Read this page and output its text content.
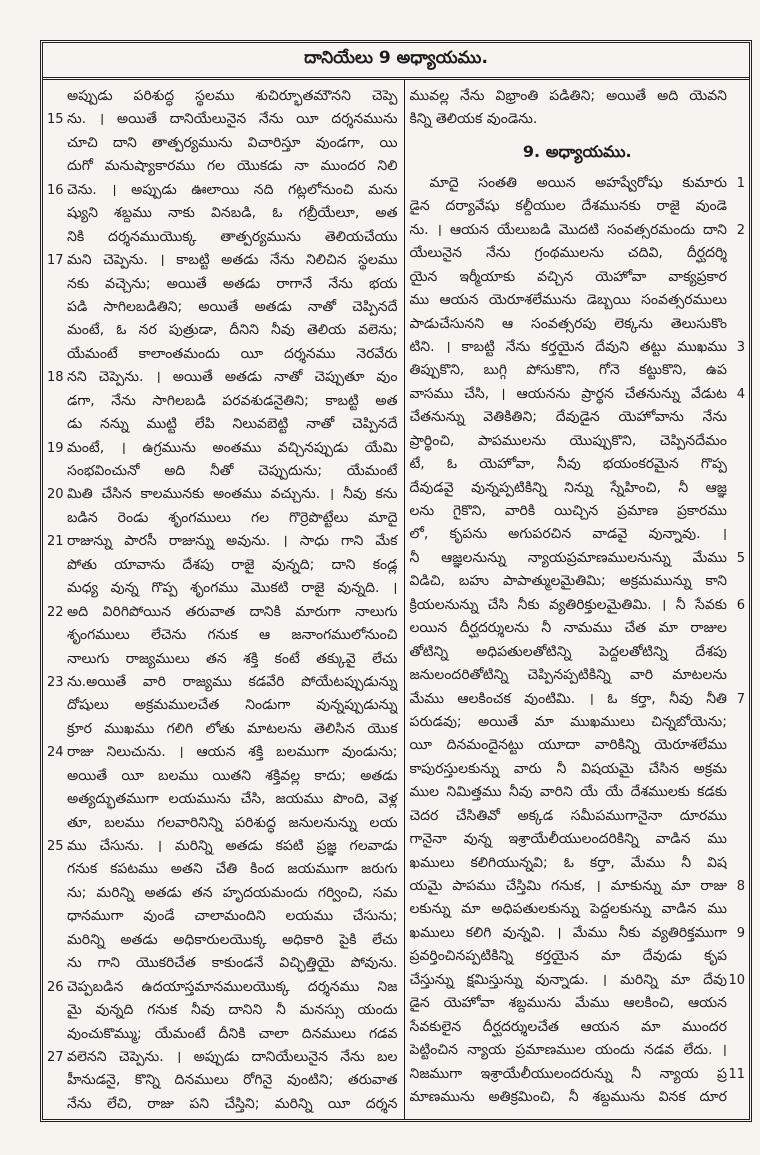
దానియేలు 9 అధ్యాయము.
అప్పుడు పరిశుద్ధ స్థలము శుచిర్భూతమౌనని చెప్పె
15 ను. । అయితే దానియేలునైన నేను యీ దర్శనమును
చూచి దాని తాత్పర్యమును విచారిస్తూ వుండగా, యి
దుగో మనుష్యాకారము గల యొకడు నా ముందర నిలి
16 చెను. । అప్పుడు ఊలాయి నది గట్లలోనుంచి మను
ష్యుని శబ్దము నాకు వినబడి, ఓ గబ్రీయేలూ, అత
నికి దర్శనముయొక్క తాత్పర్యమును తెలియచేయు
17 మని చెప్పెను. । కాబట్టి అతడు నేను నిలిచిన స్థలము
నకు వచ్చెను; అయితే అతడు రాగానే నేను భయ
పడి సాగిలబడితిని; అయితే అతడు నాతో చెప్పినదే
మంటే, ఓ నర పుత్రుడా, దీనిని నీవు తెలియ వలెను;
యేమంటే కాలాంతమందు యీ దర్శనము నెరవేరు
18 నని చెప్పెను. । అయితే అతడు నాతో చెప్పుతూ వుం
డగా, నేను సాగిలబడి పరవశుడనైతిని; కాబట్టి అత
డు నన్ను ముట్టి లేపి నిలువబెట్టి నాతో చెప్పినదే
19 మంటే, । ఉగ్రమును అంతము వచ్చినప్పుడు యేమి
సంభవించునో అది నీతో చెప్పుదును; యేమంటే
20 మితి చేసిన కాలమునకు అంతము వచ్చును. । నీవు కను
బడిన రెండు శృంగములు గల గొర్రెపొట్టేలు మాదై
21 రాజున్ను పారసీ రాజున్ను అవును. । సాధు గాని మేక
పోతు యావాను దేశపు రాజై వున్నది; దాని కండ్ల
మధ్య వున్న గొప్ప శృంగము మొకటి రాజై వున్నది. ।
22 అది విరిగిపోయిన తరువాత దానికి మారుగా నాలుగు
శృంగములు లేచెను గనుక ఆ జనాంగములోనుంచి
నాలుగు రాజ్యములు తన శక్తి కంటే తక్కువై లేచు
23 ను.అయితే వారి రాజ్యము కడవేరి పోయేటప్పుడున్ను
దోషులు అక్రమములచేత నిండుగా వున్నప్పుడున్ను
క్రూర ముఖము గలిగి లోతు మాటలను తెలిసిన యొక
24 రాజు నిలుచును. । ఆయన శక్తి బలముగా వుండును;
అయితే యీ బలము యితని శక్తివల్ల కాదు; అతడు
అత్యద్భుతముగా లయమును చేసి, జయము పొంది, వెళ్ల
తూ, బలము గలవారినిన్ని పరిశుద్ధ జనులనున్ను లయ
25 ము చేసును. । మరిన్ని అతడు కపటి ప్రజ్ఞ గలవాడు
గనుక కపటము అతని చేతి కింద జయముగా జరుగు
ను; మరిన్ని అతడు తన హృదయమందు గర్వించి, సమ
ధానముగా వుండే చాలామందిని లయము చేసును;
మరిన్ని అతడు అధికారులయొక్క అధికారి పైకి లేచు
ను గాని యొకరిచేత కాకుండనే విచ్ఛిత్తియై పోవును.
26 చెప్పబడిన ఉదయాస్తమానములయొక్క దర్శనము నిజ
మై వున్నది గనుక నీవు దానిని నీ మనస్సు యందు
వుంచుకొమ్ము; యేమంటే దీనికి చాలా దినములు గడవ
27 వలెనని చెప్పెను. । అప్పుడు దానియేలునైన నేను బల
హీనుడనై, కొన్ని దినములు రోగినై వుంటిని; తరువాత
నేను లేచి, రాజు పని చేస్తిని; మరిన్ని యీ దర్శన
మువల్ల నేను విభ్రాంతి పడితిని; అయితే అది యెవని
కిన్ని తెలియక వుండెను.
9. అధ్యాయము.
మాదై సంతతి అయిన అహష్వేరోషు కుమారు 1
డైన దర్యావేషు కల్దీయుల దేశమునకు రాజై వుండె
ను. । ఆయన యేలుబడి మొదటి సంవత్సరమందు దాని 2
యేలునైన నేను గ్రంథములను చదివి, దీర్ఘదర్శి
యైన ఇర్మీయాకు వచ్చిన యెహోవా వాక్యప్రకార
ము ఆయన యెరూశలేమును డెబ్బయి సంవత్సరములు
పాడుచేసునని ఆ సంవత్సరపు లెక్కను తెలుసుకొం
టిని. । కాబట్టి నేను కర్తయైన దేవుని తట్టు ముఖము 3
తిప్పుకొని, బుగ్గి పోసుకొని, గోనె కట్టుకొని, ఉప
వాసము చేసి, । ఆయనను ప్రార్థన చేతనున్ను వేడుట 4
చేతనున్ను వెతికితిని; దేవుడైన యెహోవాను నేను
ప్రార్థించి, పాపములను యొప్పుకొని, చెప్పినదేమం
టే, ఓ యెహోవా, నీవు భయంకరమైన గొప్ప
దేవుడవై వున్నప్పటికిన్ని నిన్ను స్నేహించి, నీ ఆజ్ఞ
లను గైకొని, వారికి యిచ్చిన ప్రమాణ ప్రకారము
లో, కృపను అగుపరచిన వాడవై వున్నావు. ।
నీ ఆజ్ఞలనున్ను న్యాయప్రమాణములనున్ను మేము 5
విడిచి, బహు పాపాత్ములమైతిమి; అక్రమమున్ను కాని
క్రియలనున్ను చేసి నీకు వ్యతిరిక్తులమైతిమి. । నీ సేవకు 6
లయిన దీర్ఘదర్శులను నీ నామము చేత మా రాజుల
తోటిన్ని అధిపతులతోటిన్ని పెద్దలతోటిన్ని దేశపు
జనులందరితోటిన్ని చెప్పినప్పటికిన్ని వారి మాటలను
మేము ఆలకించక వుంటిమి. । ఓ కర్తా, నీవు నీతి 7
పరుడవు; అయితే మా ముఖములు చిన్నబోయెను;
యీ దినమందైనట్టు యూదా వారికిన్ని యెరూశలేము
కాపురస్తులకున్ను వారు నీ విషయమై చేసిన అక్రమ
ముల నిమిత్తము నీవు వారిని యే యే దేశములకు కడకు
చెదర చేసితివో అక్కడ సమీపముగానైనా దూరము
గానైనా వున్న ఇశ్రాయేలీయులందరికిన్ని వాడిన ము
ఖములు కలిగియున్నవి; ఓ కర్తా, మేము నీ విష
యమై పాపము చేస్తిమి గనుక, । మాకున్ను మా రాజు 8
లకున్ను మా అధిపతులకున్ను పెద్దలకున్ను వాడిన ము
ఖములు కలిగి వున్నవి. । మేము నీకు వ్యతిరిక్తముగా 9
ప్రవర్తించినప్పటికిన్ని కర్తయైన మా దేవుడు కృప
చేస్తున్ను క్షమిస్తున్ను వున్నాడు. । మరిన్ని మా దేవు 10
డైన యెహోవా శబ్దమును మేము ఆలకించి, ఆయన
సేవకులైన దీర్ఘదర్శులచేత ఆయన మా ముందర
పెట్టించిన న్యాయ ప్రమాణముల యందు నడవ లేదు. ।
నిజముగా ఇశ్రాయేలీయులందరున్ను నీ న్యాయ ప్ర 11
మాణమును అతిక్రమించి, నీ శబ్దమును వినక దూర
